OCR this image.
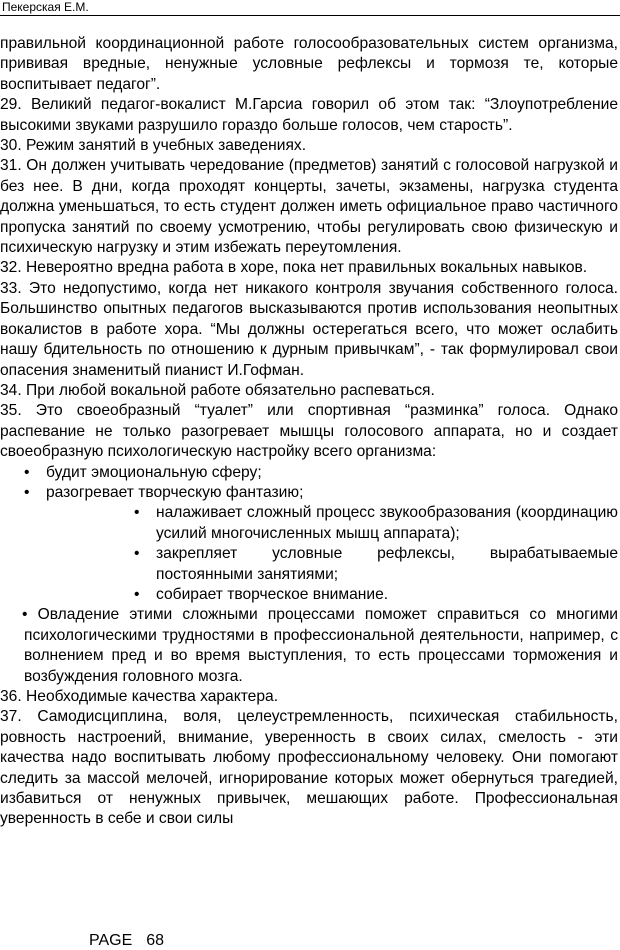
Пекерская Е.М.

правильной координационной работе голосообразовательных систем организма, прививая вредные, ненужные условные рефлексы и тормозя те, которые воспитывает педагог”.

29. Великий педагог-вокалист М.Гарсиа говорил об этом так: “Злоупотребление высокими звуками разрушило гораздо больше голосов, чем старость”.

30. Режим занятий в учебных заведениях.

31. Он должен учитывать чередование (предметов) занятий с голосовой нагрузкой и без нее. В дни, когда проходят концерты, зачеты, экзамены, нагрузка студента должна уменьшаться, то есть студент должен иметь официальное право частичного пропуска занятий по своему усмотрению, чтобы регулировать свою физическую и психическую нагрузку и этим избежать переутомления.

32. Невероятно вредна работа в хоре, пока нет правильных вокальных навыков.

33. Это недопустимо, когда нет никакого контроля звучания собственного голоса. Большинство опытных педагогов высказываются против использования неопытных вокалистов в работе хора. “Мы должны остерегаться всего, что может ослабить нашу бдительность по отношению к дурным привычкам”, - так формулировал свои опасения знаменитый пианист И.Гофман.

34. При любой вокальной работе обязательно распеваться.

35. Это своеобразный “туалет” или спортивная “разминка” голоса. Однако распевание не только разогревает мышцы голосового аппарата, но и создает своеобразную психологическую настройку всего организма:

•	будит эмоциональную сферу;
•	разогревает творческую фантазию;
•	налаживает сложный процесс звукообразования (координацию усилий многочисленных мышц аппарата);
•	закрепляет условные рефлексы, вырабатываемые постоянными занятиями;
•	собирает творческое внимание.

• Овладение этими сложными процессами поможет справиться со многими психологическими трудностями в профессиональной деятельности, например, с волнением пред и во время выступления, то есть процессами торможения и возбуждения головного мозга.

36. Необходимые качества характера.

37. Самодисциплина, воля, целеустремленность, психическая стабильность, ровность настроений, внимание, уверенность в своих силах, смелость - эти качества надо воспитывать любому профессиональному человеку. Они помогают следить за массой мелочей, игнорирование которых может обернуться трагедией, избавиться от ненужных привычек, мешающих работе. Профессиональная уверенность в себе и свои силы

PAGE 68
